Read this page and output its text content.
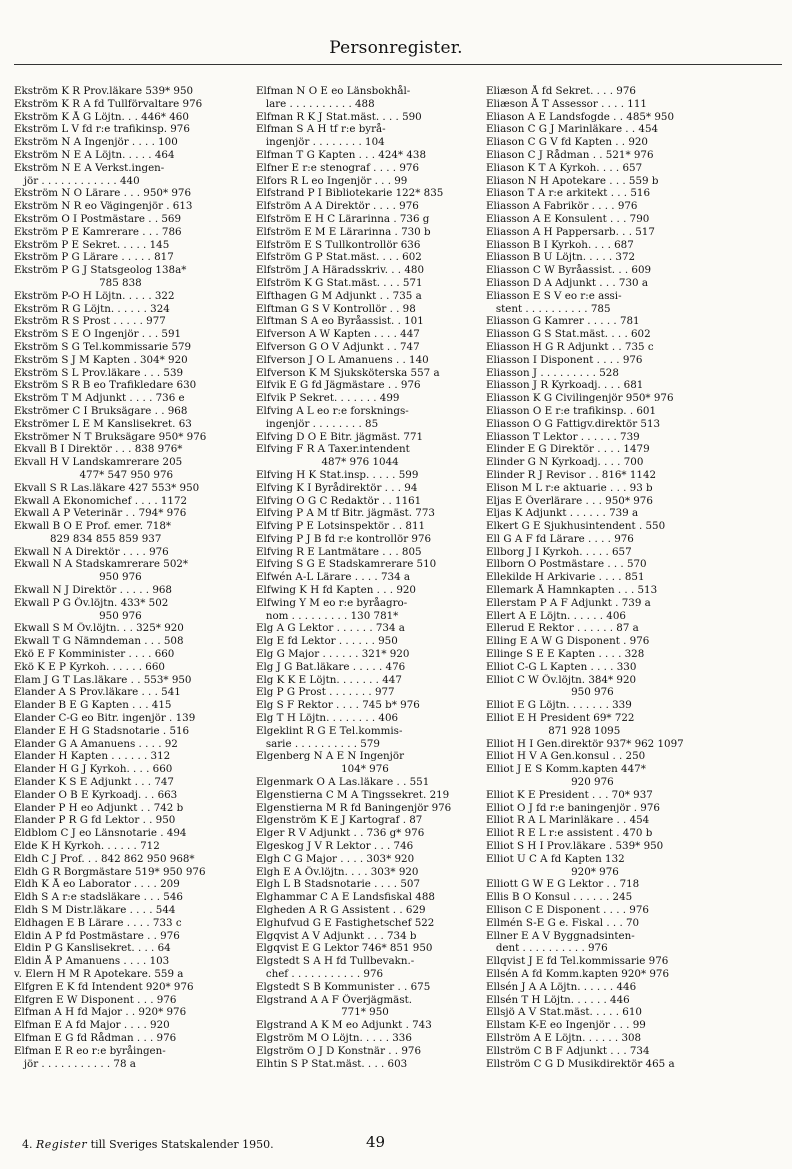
Personregister.
Ekström K R Prov.läkare 539* 950
Ekström K R A fd Tullförvaltare 976
Ekström K Å G Löjtn. . . 446* 460
Ekström L V fd r:e trafikinsp. 976
Ekström N A Ingenjör . . . . 100
Ekström N E A Löjtn. . . . . 464
Ekström N E A Verkst.ingen-
jör . . . . . . . . . . . . 440
Ekström N O Lärare . . . 950* 976
Ekström N R eo Vägingenjör . 613
Ekström O I Postmästare . . 569
Ekström P E Kamrerare . . . 786
Ekström P E Sekret. . . . . 145
Ekström P G Lärare . . . . . 817
Ekström P G J Statsgeolog 138a*
785 838
Ekström P-O H Löjtn. . . . . 322
Ekström R G Löjtn. . . . . . 324
Ekström R S Prost . . . . . 977
Ekström S E O Ingenjör . . . 591
Ekström S G Tel.kommissarie 579
Ekström S J M Kapten . 304* 920
Ekström S L Prov.läkare . . . 539
Ekström S R B eo Trafikledare 630
Ekström T M Adjunkt . . . . 736 e
Ekströmer C I Bruksägare . . 968
Ekströmer L E M Kanslisekret. 63
Ekströmer N T Bruksägare 950* 976
Ekvall B I Direktör . . . 838 976*
Ekvall H V Landskamrerare 205
477* 547 950 976
Ekvall S R Las.läkare 427 553* 950
Ekwall A Ekonomichef . . . . 1172
Ekwall A P Veterinär . . 794* 976
Ekwall B O E Prof. emer. 718*
829 834 855 859 937
Ekwall N A Direktör . . . . 976
Ekwall N A Stadskamrerare 502*
950 976
Ekwall N J Direktör . . . . . 968
Ekwall P G Öv.löjtn. 433* 502
950 976
Ekwall S M Öv.löjtn. . . 325* 920
Ekwall T G Nämndeman . . . 508
Ekö E F Komminister . . . . 660
Ekö K E P Kyrkoh. . . . . . 660
Elam J G T Las.läkare . . 553* 950
Elander A S Prov.läkare . . . 541
Elander B E G Kapten . . . 415
Elander C-G eo Bitr. ingenjör . 139
Elander E H G Stadsnotarie . 516
Elander G A Amanuens . . . . 92
Elander H Kapten . . . . . . 312
Elander H G J Kyrkoh. . . . 660
Elander K S E Adjunkt . . . 747
Elander O B E Kyrkoadj. . . 663
Elander P H eo Adjunkt . . 742 b
Elander P R G fd Lektor . . 950
Eldblom C J eo Länsnotarie . 494
Elde K H Kyrkoh. . . . . . 712
Eldh C J Prof. . . 842 862 950 968*
Eldh G R Borgmästare 519* 950 976
Eldh K Å eo Laborator . . . . 209
Eldh S A r:e stadsläkare . . . 546
Eldh S M Distr.läkare . . . . 544
Eldhagen E B Lärare . . . . 733 c
Eldin A P fd Postmästare . . 976
Eldin P G Kanslisekret. . . . 64
Eldin Å P Amanuens . . . . 103
v. Elern H M R Apotekare. 559 a
Elfgren E K fd Intendent 920* 976
Elfgren E W Disponent . . . 976
Elfman A H fd Major . . 920* 976
Elfman E A fd Major . . . . 920
Elfman E G fd Rådman . . . 976
Elfman E R eo r:e byråingen-
jör . . . . . . . . . . . 78 a
Elfman N O E eo Länsbokhål-
lare . . . . . . . . . . 488
Elfman R K J Stat.mäst. . . . 590
Elfman S A H tf r:e byrå-
ingenjör . . . . . . . . 104
Elfman T G Kapten . . . 424* 438
Elfner E r:e stenograf . . . . 976
Elfors R L eo Ingenjör . . . 99
Elfstrand P I Bibliotekarie 122* 835
Elfström A A Direktör . . . . 976
Elfström E H C Lärarinna . 736 g
Elfström E M E Lärarinna . 730 b
Elfström E S Tullkontrollör 636
Elfström G P Stat.mäst. . . . 602
Elfström J A Häradsskriv. . . 480
Elfström K G Stat.mäst. . . . 571
Elfthagen G M Adjunkt . . 735 a
Elftman G S V Kontrollör . . 98
Elftman S A eo Byråassist. . 101
Elfverson A W Kapten . . . . 447
Elfverson G O V Adjunkt . . 747
Elfverson J O L Amanuens . . 140
Elfverson K M Sjuksköterska 557 a
Elfvik E G fd Jägmästare . . 976
Elfvik P Sekret. . . . . . . 499
Elfving A L eo r:e forsknings-
ingenjör . . . . . . . . 85
Elfving D O E Bitr. jägmäst. 771
Elfving F R A Taxer.intendent
487* 976 1044
Elfving H K Stat.insp. . . . . 599
Elfving K I Byrådirektör . . . 94
Elfving O G C Redaktör . . 1161
Elfving P A M tf Bitr. jägmäst. 773
Elfving P E Lotsinspektör . . 811
Elfving P J B fd r:e kontrollör 976
Elfving R E Lantmätare . . . 805
Elfving S G E Stadskamrerare 510
Elfwén A-L Lärare . . . . 734 a
Elfwing K H fd Kapten . . . 920
Elfwing Y M eo r:e byråagro-
nom . . . . . . . . . 130 781*
Elg A G Lektor . . . . . . 734 a
Elg E fd Lektor . . . . . . 950
Elg G Major . . . . . . 321* 920
Elg J G Bat.läkare . . . . . 476
Elg K K E Löjtn. . . . . . . 447
Elg P G Prost . . . . . . . 977
Elg S F Rektor . . . . 745 b* 976
Elg T H Löjtn. . . . . . . . 406
Elgeklint R G E Tel.kommis-
sarie . . . . . . . . . . 579
Elgenberg N A E N Ingenjör
104* 976
Elgenmark O A Las.läkare . . 551
Elgenstierna C M A Tingssekret. 219
Elgenstierna M R fd Baningenjör 976
Elgenström K E J Kartograf . 87
Elger R V Adjunkt . . 736 g* 976
Elgeskog J V R Lektor . . . 746
Elgh C G Major . . . . 303* 920
Elgh E A Öv.löjtn. . . . 303* 920
Elgh L B Stadsnotarie . . . . 507
Elghammar C A E Landsfiskal 488
Elgheden A R G Assistent . . 629
Elghufvud G E Fastighetschef 522
Elgqvist A V Adjunkt . . . 734 b
Elgqvist E G Lektor 746* 851 950
Elgstedt S A H fd Tullbevakn.-
chef . . . . . . . . . . . 976
Elgstedt S B Kommunister . . 675
Elgstrand A A F Överjägmäst.
771* 950
Elgstrand A K M eo Adjunkt . 743
Elgström M O Löjtn. . . . . 336
Elgström O J D Konstnär . . 976
Elhtin S P Stat.mäst. . . . 603
Eliæson Å fd Sekret. . . . 976
Eliæson Å T Assessor . . . . 111
Eliason A E Landsfogde . . 485* 950
Eliason C G J Marinläkare . . 454
Eliason C G V fd Kapten . . 920
Eliason C J Rådman . . 521* 976
Eliason K T A Kyrkoh. . . . 657
Eliason N H Apotekare . . . 559 b
Eliason T A r:e arkitekt . . . 516
Eliasson A Fabrikör . . . . 976
Eliasson A E Konsulent . . . 790
Eliasson A H Pappersarb. . . 517
Eliasson B I Kyrkoh. . . . 687
Eliasson B U Löjtn. . . . . 372
Eliasson C W Byråassist. . . 609
Eliasson D A Adjunkt . . . 730 a
Eliasson E S V eo r:e assi-
stent . . . . . . . . . . 785
Eliasson G Kamrer . . . . . 781
Eliasson G S Stat.mäst. . . . 602
Eliasson H G R Adjunkt . . 735 c
Eliasson I Disponent . . . . 976
Eliasson J . . . . . . . . . 528
Eliasson J R Kyrkoadj. . . . 681
Eliasson K G Civilingenjör 950* 976
Eliasson O E r:e trafikinsp. . 601
Eliasson O G Fattigv.direktör 513
Eliasson T Lektor . . . . . . 739
Elinder E G Direktör . . . . 1479
Elinder G N Kyrkoadj. . . . 700
Elinder R J Revisor . . 816* 1142
Elison M L r:e aktuarie . . . 93 b
Eljas E Överlärare . . . 950* 976
Eljas K Adjunkt . . . . . . 739 a
Elkert G E Sjukhusintendent . 550
Ell G A F fd Lärare . . . . 976
Ellborg J I Kyrkoh. . . . . 657
Ellborn O Postmästare . . . 570
Ellekilde H Arkivarie . . . . 851
Ellemark Å Hamnkapten . . . 513
Ellerstam P A F Adjunkt . 739 a
Ellert A E Löjtn. . . . . . 406
Ellerud E Rektor . . . . . . 87 a
Elling E A W G Disponent . 976
Ellinge S E E Kapten . . . . 328
Elliot C-G L Kapten . . . . 330
Elliot C W Öv.löjtn. 384* 920
950 976
Elliot E G Löjtn. . . . . . . 339
Elliot E H President 69* 722
871 928 1095
Elliot H I Gen.direktör 937* 962 1097
Elliot H V A Gen.konsul . . 250
Elliot J E S Komm.kapten 447*
920 976
Elliot K E President . . . 70* 937
Elliot O J fd r:e baningenjör . 976
Elliot R A L Marinläkare . . 454
Elliot R E L r:e assistent . 470 b
Elliot S H I Prov.läkare . 539* 950
Elliot U C A fd Kapten 132
920* 976
Elliott G W E G Lektor . . 718
Ellis B O Konsul . . . . . . 245
Ellison C E Disponent . . . . 976
Ellmén S-E G e. Fiskal . . . 70
Ellner E A V Byggnadsinten-
dent . . . . . . . . . . 976
Ellqvist J E fd Tel.kommissarie 976
Ellsén A fd Komm.kapten 920* 976
Ellsén J A A Löjtn. . . . . . 446
Ellsén T H Löjtn. . . . . . 446
Ellsjö A V Stat.mäst. . . . . 610
Ellstam K-E eo Ingenjör . . . 99
Ellström A E Löjtn. . . . . . 308
Ellström C B F Adjunkt . . . 734
Ellström C G D Musikdirektör 465 a
4. Register till Sveriges Statskalender 1950.	49
